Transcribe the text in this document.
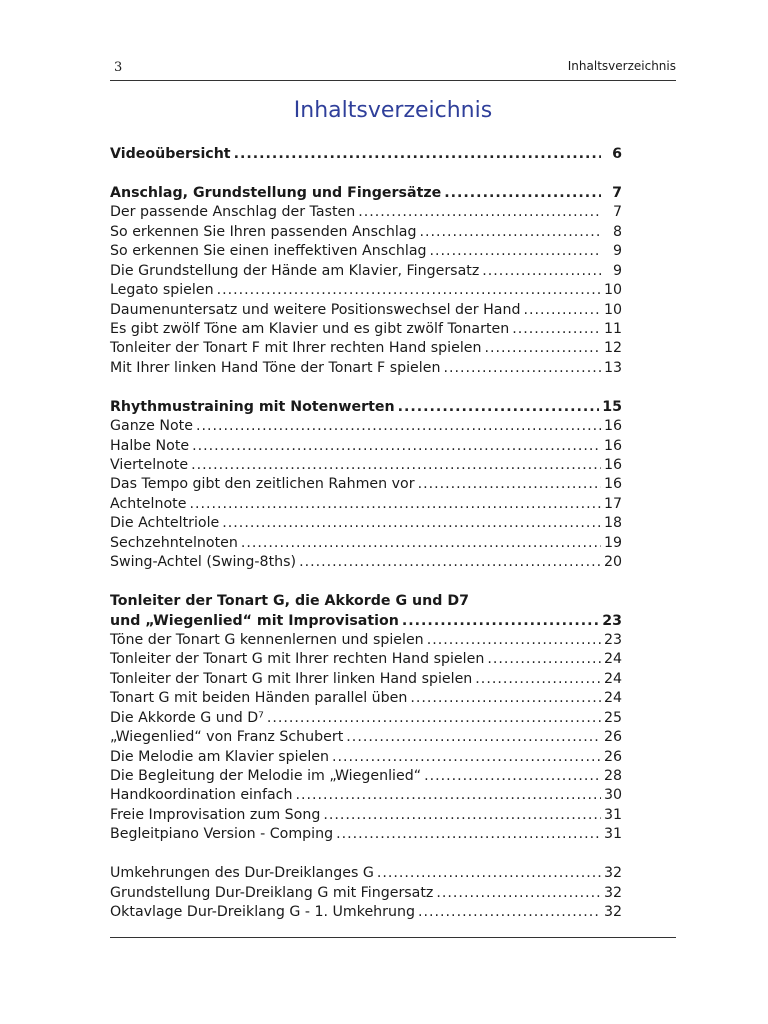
3	Inhaltsverzeichnis
Inhaltsverzeichnis
Videoübersicht .....	6
Anschlag, Grundstellung und Fingersätze .....	7
Der passende Anschlag der Tasten .....	7
So erkennen Sie Ihren passenden Anschlag .....	8
So erkennen Sie einen ineffektiven Anschlag .....	9
Die Grundstellung der Hände am Klavier, Fingersatz .....	9
Legato spielen .....	10
Daumenuntersatz und weitere Positionswechsel der Hand .....	10
Es gibt zwölf Töne am Klavier und es gibt zwölf Tonarten .....	11
Tonleiter der Tonart F mit Ihrer rechten Hand spielen .....	12
Mit Ihrer linken Hand Töne der Tonart F spielen .....	13
Rhythmustraining mit Notenwerten .....	15
Ganze Note .....	16
Halbe Note .....	16
Viertelnote .....	16
Das Tempo gibt den zeitlichen Rahmen vor .....	16
Achtelnote .....	17
Die Achteltriole .....	18
Sechzehntelnoten .....	19
Swing-Achtel (Swing-8ths) .....	20
Tonleiter der Tonart G, die Akkorde G und D7
und „Wiegenlied“ mit Improvisation .....	23
Töne der Tonart G kennenlernen und spielen .....	23
Tonleiter der Tonart G mit Ihrer rechten Hand spielen .....	24
Tonleiter der Tonart G mit Ihrer linken Hand spielen .....	24
Tonart G mit beiden Händen parallel üben .....	24
Die Akkorde G und D⁷ .....	25
„Wiegenlied“ von Franz Schubert .....	26
Die Melodie am Klavier spielen .....	26
Die Begleitung der Melodie im „Wiegenlied“ .....	28
Handkoordination einfach .....	30
Freie Improvisation zum Song .....	31
Begleitpiano Version - Comping .....	31
Umkehrungen des Dur-Dreiklanges G .....	32
Grundstellung Dur-Dreiklang G mit Fingersatz .....	32
Oktavlage Dur-Dreiklang G - 1. Umkehrung .....	32
